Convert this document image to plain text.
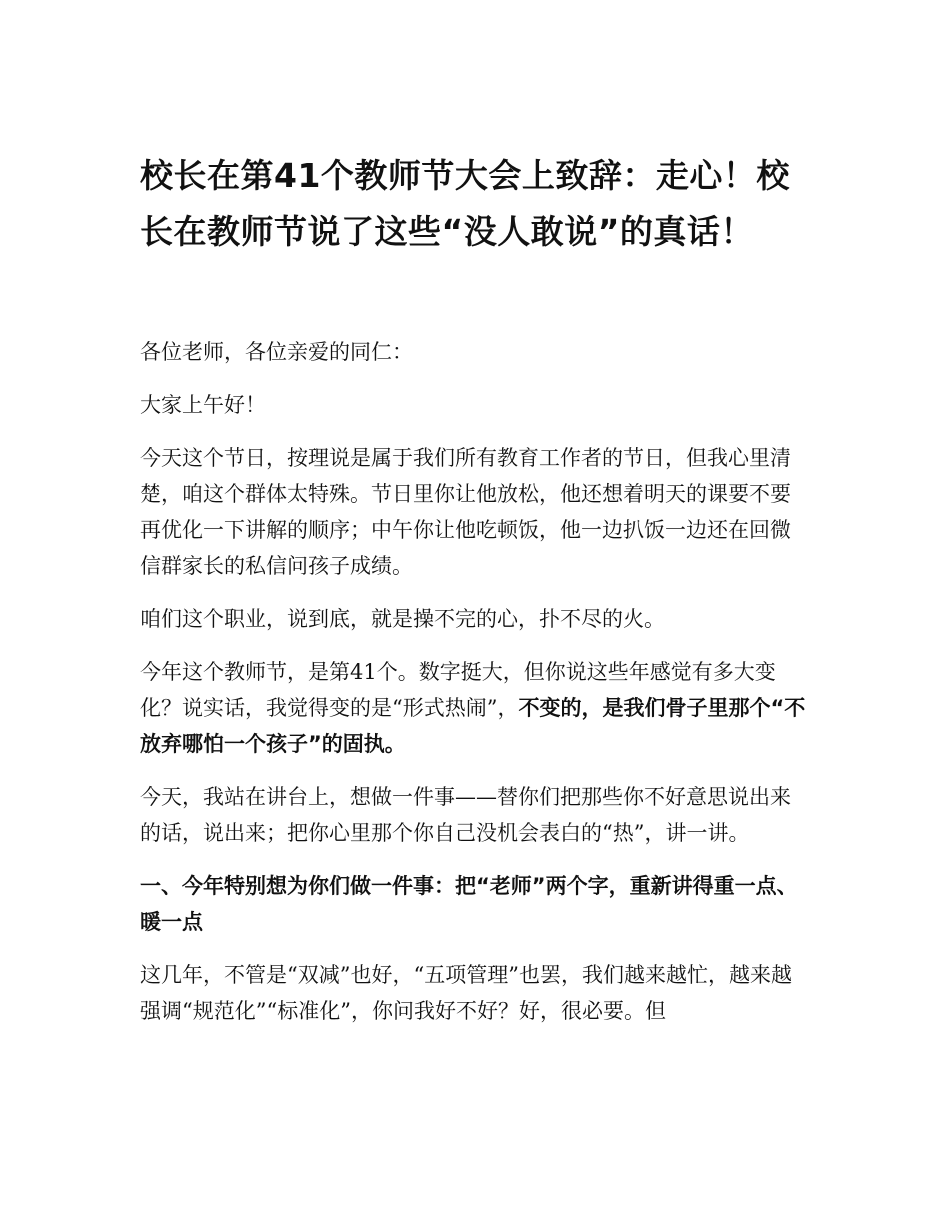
校长在第41个教师节大会上致辞：走心！校长在教师节说了这些“没人敢说”的真话！

各位老师，各位亲爱的同仁：

大家上午好！

今天这个节日，按理说是属于我们所有教育工作者的节日，但我心里清楚，咱这个群体太特殊。节日里你让他放松，他还想着明天的课要不要再优化一下讲解的顺序；中午你让他吃顿饭，他一边扒饭一边还在回微信群家长的私信问孩子成绩。

咱们这个职业，说到底，就是操不完的心，扑不尽的火。

今年这个教师节，是第41个。数字挺大，但你说这些年感觉有多大变化？说实话，我觉得变的是“形式热闹”，不变的，是我们骨子里那个“不放弃哪怕一个孩子”的固执。

今天，我站在讲台上，想做一件事——替你们把那些你不好意思说出来的话，说出来；把你心里那个你自己没机会表白的“热”，讲一讲。

一、今年特别想为你们做一件事：把“老师”两个字，重新讲得重一点、暖一点

这几年，不管是“双减”也好，“五项管理”也罢，我们越来越忙，越来越强调“规范化”“标准化”，你问我好不好？好，很必要。但
